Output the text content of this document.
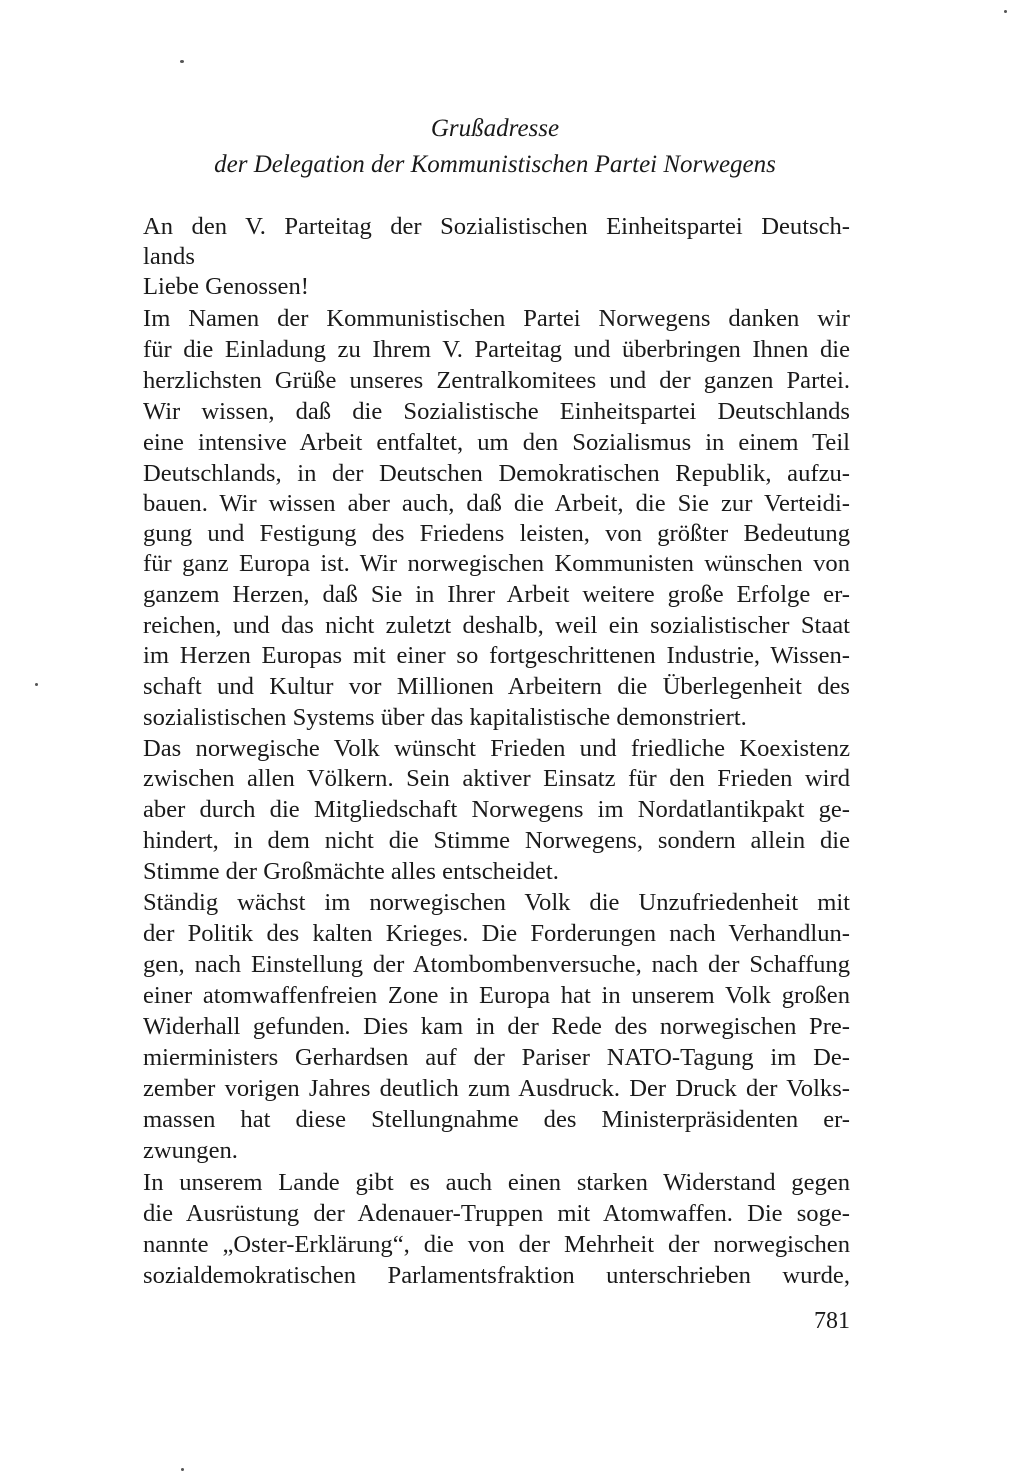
Grußadresse
der Delegation der Kommunistischen Partei Norwegens
An den V. Parteitag der Sozialistischen Einheitspartei Deutsch-
lands
Liebe Genossen!
Im Namen der Kommunistischen Partei Norwegens danken wir
für die Einladung zu Ihrem V. Parteitag und überbringen Ihnen die
herzlichsten Grüße unseres Zentralkomitees und der ganzen Partei.
Wir wissen, daß die Sozialistische Einheitspartei Deutschlands
eine intensive Arbeit entfaltet, um den Sozialismus in einem Teil
Deutschlands, in der Deutschen Demokratischen Republik, aufzu-
bauen. Wir wissen aber auch, daß die Arbeit, die Sie zur Verteidi-
gung und Festigung des Friedens leisten, von größter Bedeutung
für ganz Europa ist. Wir norwegischen Kommunisten wünschen von
ganzem Herzen, daß Sie in Ihrer Arbeit weitere große Erfolge er-
reichen, und das nicht zuletzt deshalb, weil ein sozialistischer Staat
im Herzen Europas mit einer so fortgeschrittenen Industrie, Wissen-
schaft und Kultur vor Millionen Arbeitern die Überlegenheit des
sozialistischen Systems über das kapitalistische demonstriert.
Das norwegische Volk wünscht Frieden und friedliche Koexistenz
zwischen allen Völkern. Sein aktiver Einsatz für den Frieden wird
aber durch die Mitgliedschaft Norwegens im Nordatlantikpakt ge-
hindert, in dem nicht die Stimme Norwegens, sondern allein die
Stimme der Großmächte alles entscheidet.
Ständig wächst im norwegischen Volk die Unzufriedenheit mit
der Politik des kalten Krieges. Die Forderungen nach Verhandlun-
gen, nach Einstellung der Atombombenversuche, nach der Schaffung
einer atomwaffenfreien Zone in Europa hat in unserem Volk großen
Widerhall gefunden. Dies kam in der Rede des norwegischen Pre-
mierministers Gerhardsen auf der Pariser NATO-Tagung im De-
zember vorigen Jahres deutlich zum Ausdruck. Der Druck der Volks-
massen hat diese Stellungnahme des Ministerpräsidenten er-
zwungen.
In unserem Lande gibt es auch einen starken Widerstand gegen
die Ausrüstung der Adenauer-Truppen mit Atomwaffen. Die soge-
nannte „Oster-Erklärung“, die von der Mehrheit der norwegischen
sozialdemokratischen Parlamentsfraktion unterschrieben wurde,
781
